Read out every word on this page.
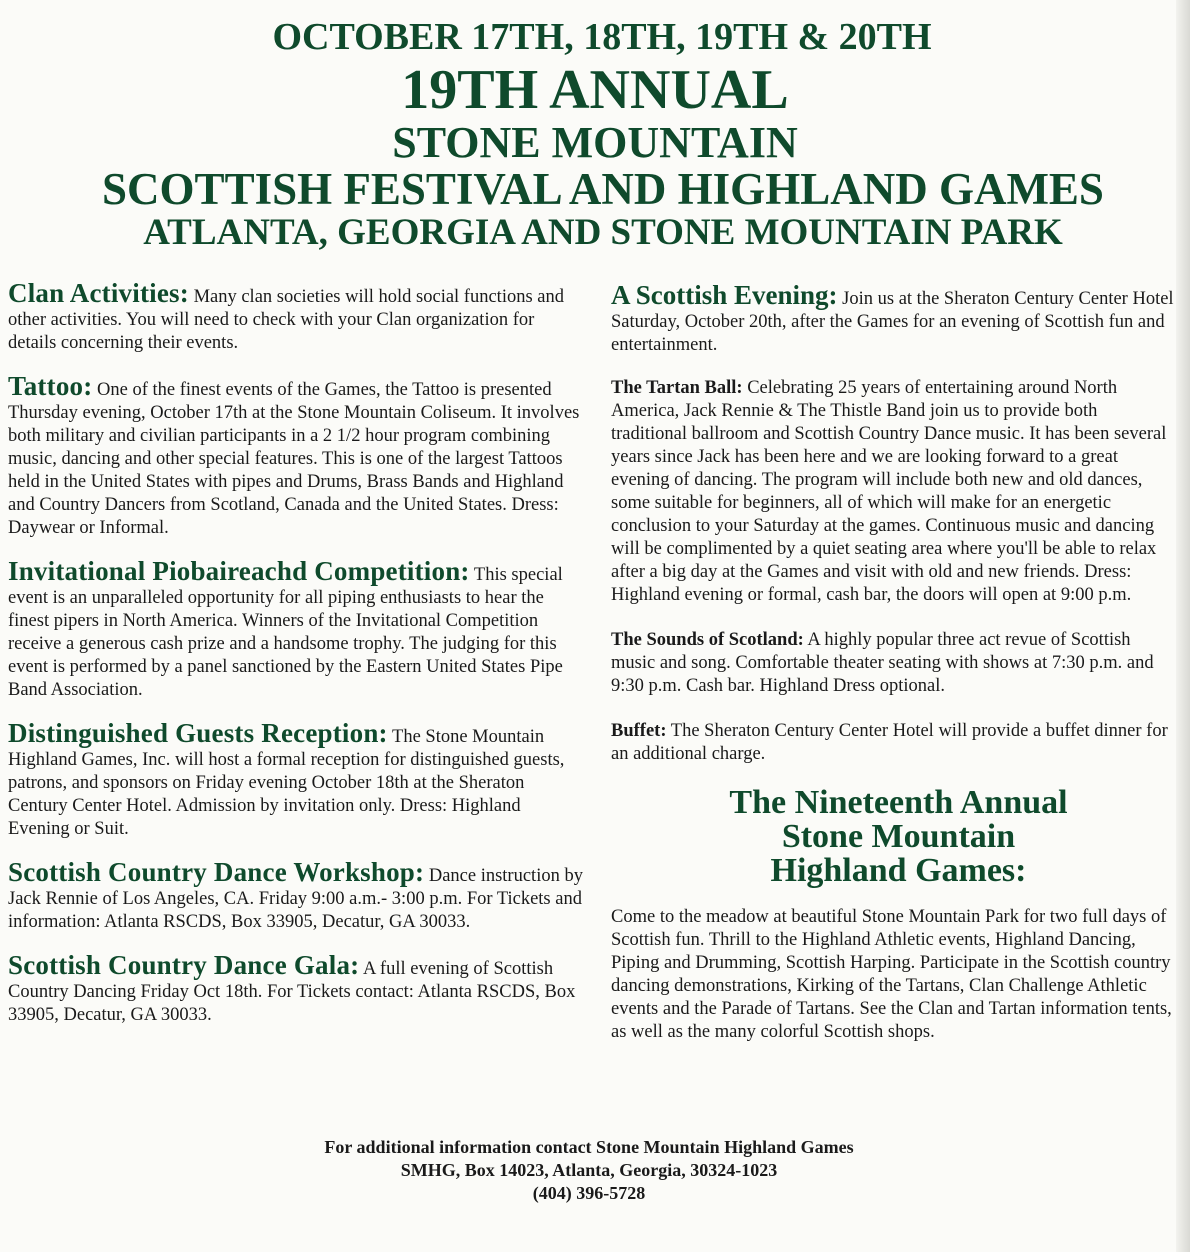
OCTOBER 17TH, 18TH, 19TH & 20TH
19TH ANNUAL
STONE MOUNTAIN
SCOTTISH FESTIVAL AND HIGHLAND GAMES
ATLANTA, GEORGIA AND STONE MOUNTAIN PARK

Clan Activities: Many clan societies will hold social functions and other activities. You will need to check with your Clan organization for details concerning their events.

Tattoo: One of the finest events of the Games, the Tattoo is presented Thursday evening, October 17th at the Stone Mountain Coliseum. It involves both military and civilian participants in a 2 1/2 hour program combining music, dancing and other special features. This is one of the largest Tattoos held in the United States with pipes and Drums, Brass Bands and Highland and Country Dancers from Scotland, Canada and the United States. Dress: Daywear or Informal.

Invitational Piobaireachd Competition: This special event is an unparalleled opportunity for all piping enthusiasts to hear the finest pipers in North America. Winners of the Invitational Competition receive a generous cash prize and a handsome trophy. The judging for this event is performed by a panel sanctioned by the Eastern United States Pipe Band Association.

Distinguished Guests Reception: The Stone Mountain Highland Games, Inc. will host a formal reception for distinguished guests, patrons, and sponsors on Friday evening October 18th at the Sheraton Century Center Hotel. Admission by invitation only. Dress: Highland Evening or Suit.

Scottish Country Dance Workshop: Dance instruction by Jack Rennie of Los Angeles, CA. Friday 9:00 a.m.- 3:00 p.m. For Tickets and information: Atlanta RSCDS, Box 33905, Decatur, GA 30033.

Scottish Country Dance Gala: A full evening of Scottish Country Dancing Friday Oct 18th. For Tickets contact: Atlanta RSCDS, Box 33905, Decatur, GA 30033.

A Scottish Evening: Join us at the Sheraton Century Center Hotel Saturday, October 20th, after the Games for an evening of Scottish fun and entertainment.

The Tartan Ball: Celebrating 25 years of entertaining around North America, Jack Rennie & The Thistle Band join us to provide both traditional ballroom and Scottish Country Dance music. It has been several years since Jack has been here and we are looking forward to a great evening of dancing. The program will include both new and old dances, some suitable for beginners, all of which will make for an energetic conclusion to your Saturday at the games. Continuous music and dancing will be complimented by a quiet seating area where you'll be able to relax after a big day at the Games and visit with old and new friends. Dress: Highland evening or formal, cash bar, the doors will open at 9:00 p.m.

The Sounds of Scotland: A highly popular three act revue of Scottish music and song. Comfortable theater seating with shows at 7:30 p.m. and 9:30 p.m. Cash bar. Highland Dress optional.

Buffet: The Sheraton Century Center Hotel will provide a buffet dinner for an additional charge.

The Nineteenth Annual
Stone Mountain
Highland Games:

Come to the meadow at beautiful Stone Mountain Park for two full days of Scottish fun. Thrill to the Highland Athletic events, Highland Dancing, Piping and Drumming, Scottish Harping. Participate in the Scottish country dancing demonstrations, Kirking of the Tartans, Clan Challenge Athletic events and the Parade of Tartans. See the Clan and Tartan information tents, as well as the many colorful Scottish shops.

For additional information contact Stone Mountain Highland Games
SMHG, Box 14023, Atlanta, Georgia, 30324-1023
(404) 396-5728
